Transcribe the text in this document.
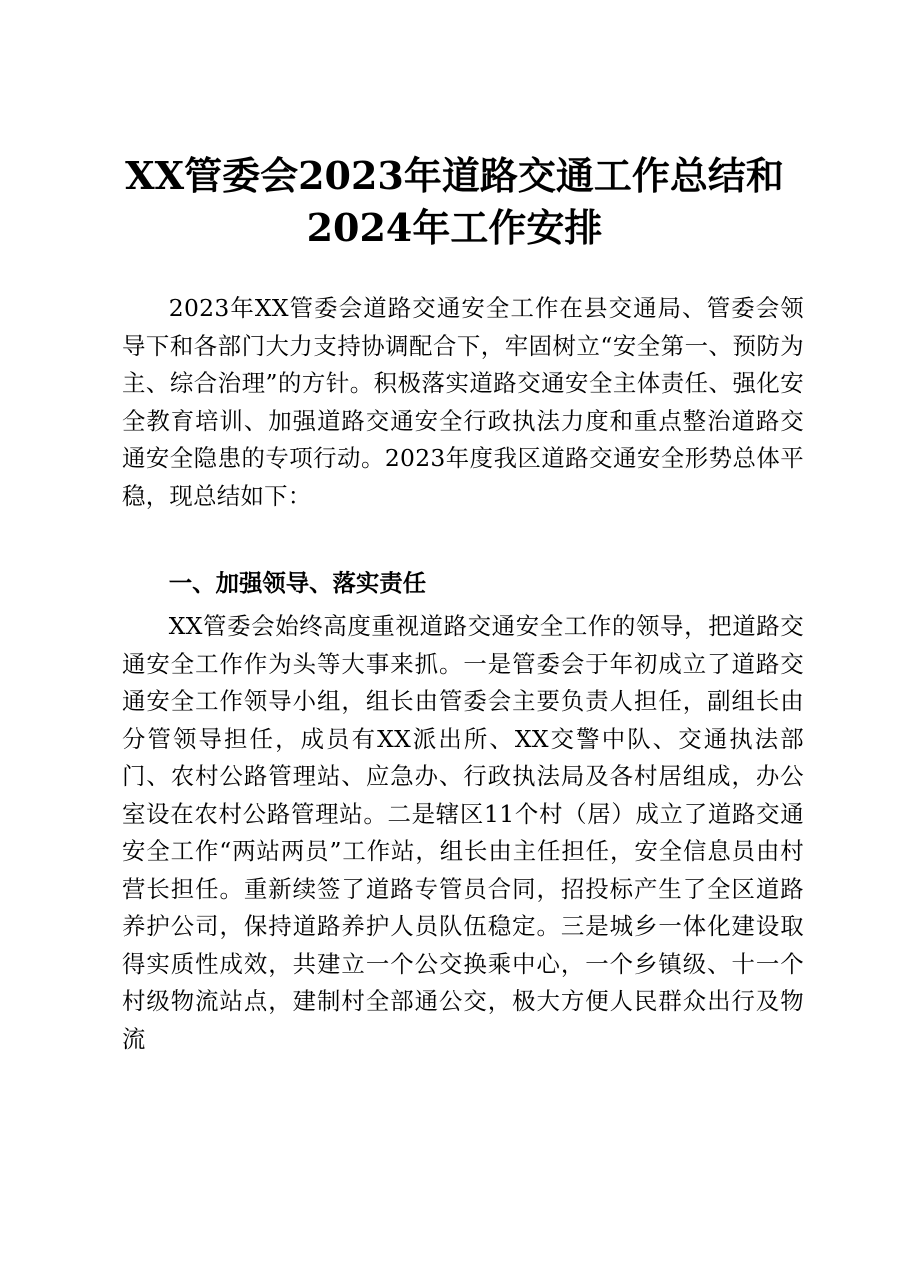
XX管委会2023年道路交通工作总结和2024年工作安排

2023年XX管委会道路交通安全工作在县交通局、管委会领导下和各部门大力支持协调配合下，牢固树立“安全第一、预防为主、综合治理”的方针。积极落实道路交通安全主体责任、强化安全教育培训、加强道路交通安全行政执法力度和重点整治道路交通安全隐患的专项行动。2023年度我区道路交通安全形势总体平稳，现总结如下：

一、加强领导、落实责任

XX管委会始终高度重视道路交通安全工作的领导，把道路交通安全工作作为头等大事来抓。一是管委会于年初成立了道路交通安全工作领导小组，组长由管委会主要负责人担任，副组长由分管领导担任，成员有XX派出所、XX交警中队、交通执法部门、农村公路管理站、应急办、行政执法局及各村居组成，办公室设在农村公路管理站。二是辖区11个村（居）成立了道路交通安全工作“两站两员”工作站，组长由主任担任，安全信息员由村营长担任。重新续签了道路专管员合同，招投标产生了全区道路养护公司，保持道路养护人员队伍稳定。三是城乡一体化建设取得实质性成效，共建立一个公交换乘中心，一个乡镇级、十一个村级物流站点，建制村全部通公交，极大方便人民群众出行及物流
